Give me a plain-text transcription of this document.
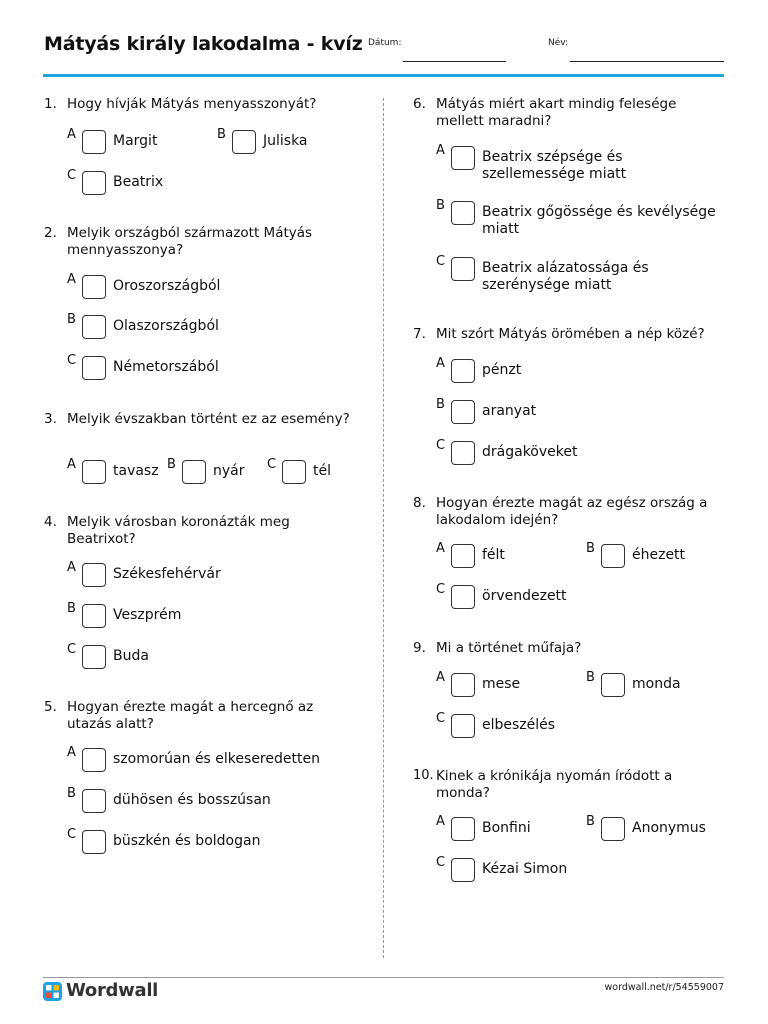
Mátyás király lakodalma - kvíz Dátum:	Név:
1. Hogy hívják Mátyás menyasszonyát?
A	Margit	B	Juliska
C	Beatrix
2. Melyik országból származott Mátyás mennyasszonya?
A	Oroszországból
B	Olaszországból
C	Németorszából
3. Melyik évszakban történt ez az esemény?
A	tavasz B	nyár C	tél
4. Melyik városban koronázták meg Beatrixot?
A	Székesfehérvár
B	Veszprém
C	Buda
5. Hogyan érezte magát a hercegnő az utazás alatt?
A	szomorúan és elkeseredetten
B	dühösen és bosszúsan
C	büszkén és boldogan
6. Mátyás miért akart mindig felesége mellett maradni?
A	Beatrix szépsége és szellemessége miatt
B	Beatrix gőgössége és kevélysége miatt
C	Beatrix alázatossága és szerénysége miatt
7. Mit szórt Mátyás örömében a nép közé?
A	pénzt
B	aranyat
C	drágaköveket
8. Hogyan érezte magát az egész ország a lakodalom idején?
A	félt	B	éhezett
C	örvendezett
9. Mi a történet műfaja?
A	mese	B	monda
C	elbeszélés
10. Kinek a krónikája nyomán íródott a monda?
A	Bonfini	B	Anonymus
C	Kézai Simon
Wordwall	wordwall.net/r/54559007
